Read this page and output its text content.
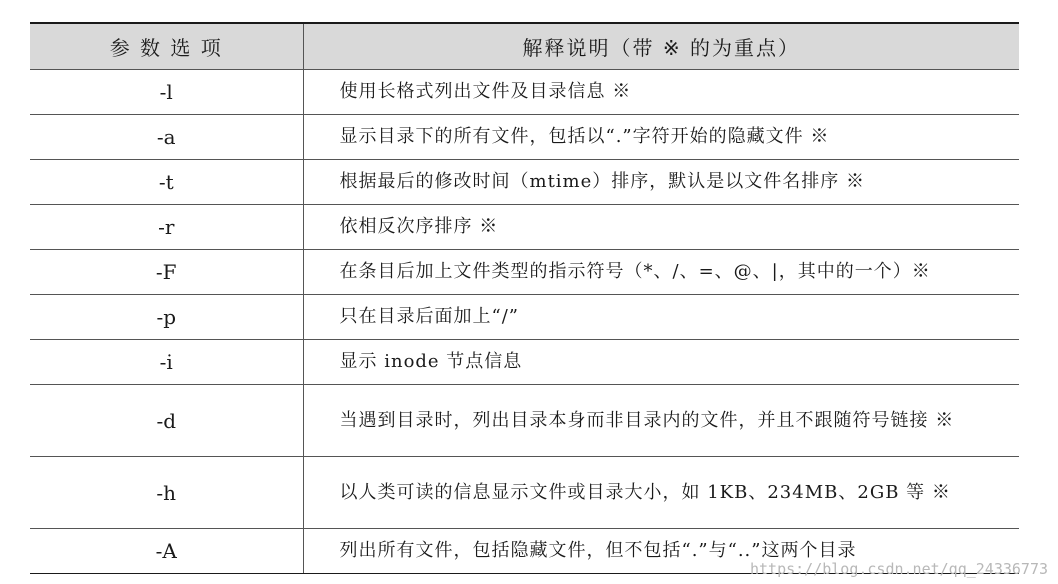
参 数 选 项	解释说明（带 ※ 的为重点）
-l	使用长格式列出文件及目录信息 ※

-a	显示目录下的所有文件，包括以“.”字符开始的隐藏文件 ※

-t	根据最后的修改时间（mtime）排序，默认是以文件名排序 ※

-r	依相反次序排序 ※

-F	在条目后加上文件类型的指示符号（*、/、=、@、|，其中的一个）※

-p	只在目录后面加上“/”

-i	显示 inode 节点信息

-d	当遇到目录时，列出目录本身而非目录内的文件，并且不跟随符号链接 ※

-h	以人类可读的信息显示文件或目录大小，如 1KB、234MB、2GB 等 ※

-A	列出所有文件，包括隐藏文件，但不包括“.”与“..”这两个目录
https://blog.csdn.net/qq_24336773
